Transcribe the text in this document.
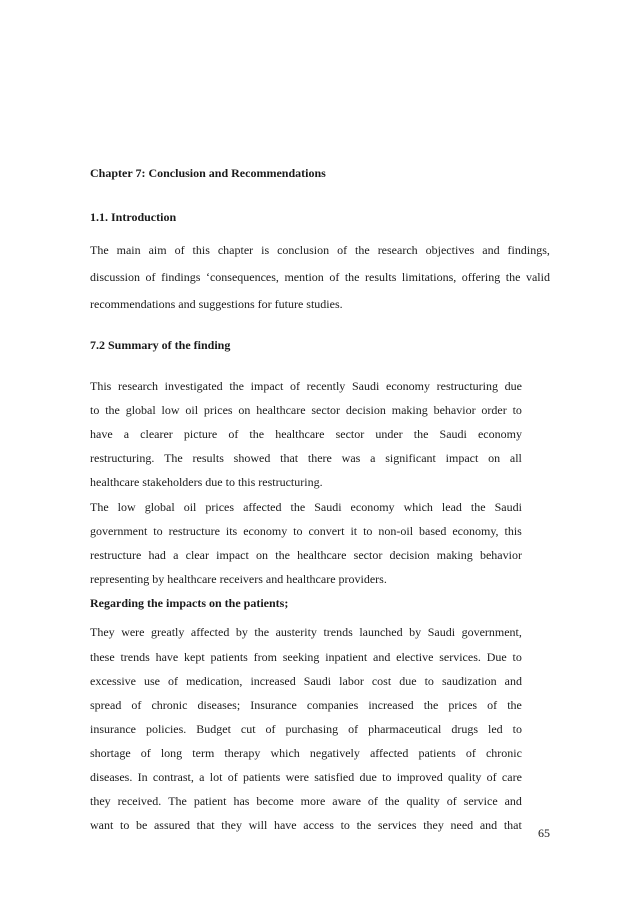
Chapter 7: Conclusion and Recommendations
1.1. Introduction
The main aim of this chapter is conclusion of the research objectives and findings,
discussion of findings ‘consequences, mention of the results limitations, offering the valid
recommendations and suggestions for future studies.
7.2 Summary of the finding
This research investigated the impact of recently Saudi economy restructuring due
to the global low oil prices on healthcare sector decision making behavior order to
have a clearer picture of the healthcare sector under the Saudi economy
restructuring. The results showed that there was a significant impact on all
healthcare stakeholders due to this restructuring.
The low global oil prices affected the Saudi economy which lead the Saudi
government to restructure its economy to convert it to non-oil based economy, this
restructure had a clear impact on the healthcare sector decision making behavior
representing by healthcare receivers and healthcare providers.
Regarding the impacts on the patients;
They were greatly affected by the austerity trends launched by Saudi government,
these trends have kept patients from seeking inpatient and elective services. Due to
excessive use of medication, increased Saudi labor cost due to saudization and
spread of chronic diseases; Insurance companies increased the prices of the
insurance policies. Budget cut of purchasing of pharmaceutical drugs led to
shortage of long term therapy which negatively affected patients of chronic
diseases. In contrast, a lot of patients were satisfied due to improved quality of care
they received. The patient has become more aware of the quality of service and
want to be assured that they will have access to the services they need and that
65
